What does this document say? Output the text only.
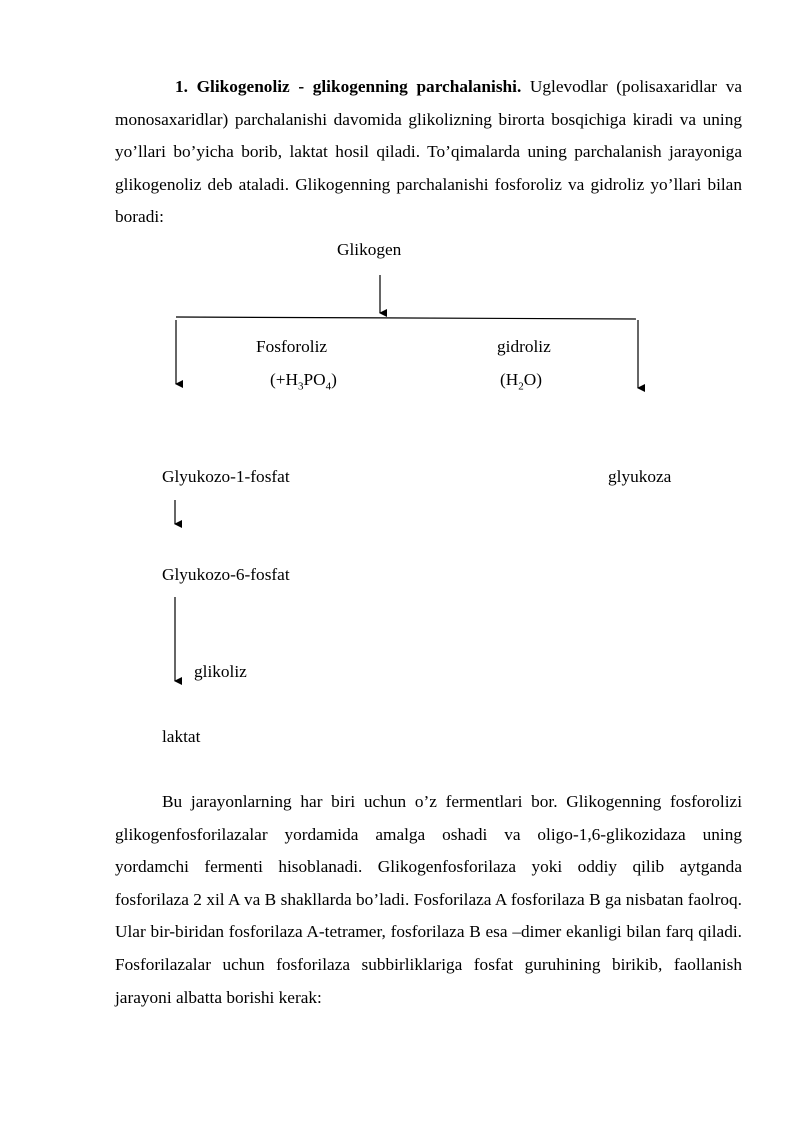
1. Glikogenoliz - glikogenning parchalanishi. Uglevodlar (polisaxaridlar va monosaxaridlar) parchalanishi davomida glikolizning birorta bosqichiga kiradi va uning yo’llari bo’yicha borib, laktat hosil qiladi. To’qimalarda uning parchalanish jarayoniga glikogenoliz deb ataladi. Glikogenning parchalanishi fosforoliz va gidroliz yo’llari bilan boradi:
Glikogen
Fosforoliz
$(+H_3PO_4)$
gidroliz
$(H_2O)$
Glyukozo-1-fosfat	glyukoza
Glyukozo-6-fosfat
glikoliz
laktat
Bu jarayonlarning har biri uchun o’z fermentlari bor. Glikogenning fosforolizi glikogenfosforilazalar yordamida amalga oshadi va oligo-1,6-glikozidaza uning yordamchi fermenti hisoblanadi. Glikogenfosforilaza yoki oddiy qilib aytganda fosforilaza 2 xil A va B shakllarda bo’ladi. Fosforilaza A fosforilaza B ga nisbatan faolroq. Ular bir-biridan fosforilaza A-tetramer, fosforilaza B esa –dimer ekanligi bilan farq qiladi. Fosforilazalar uchun fosforilaza subbirliklariga fosfat guruhining birikib, faollanish jarayoni albatta borishi kerak:
